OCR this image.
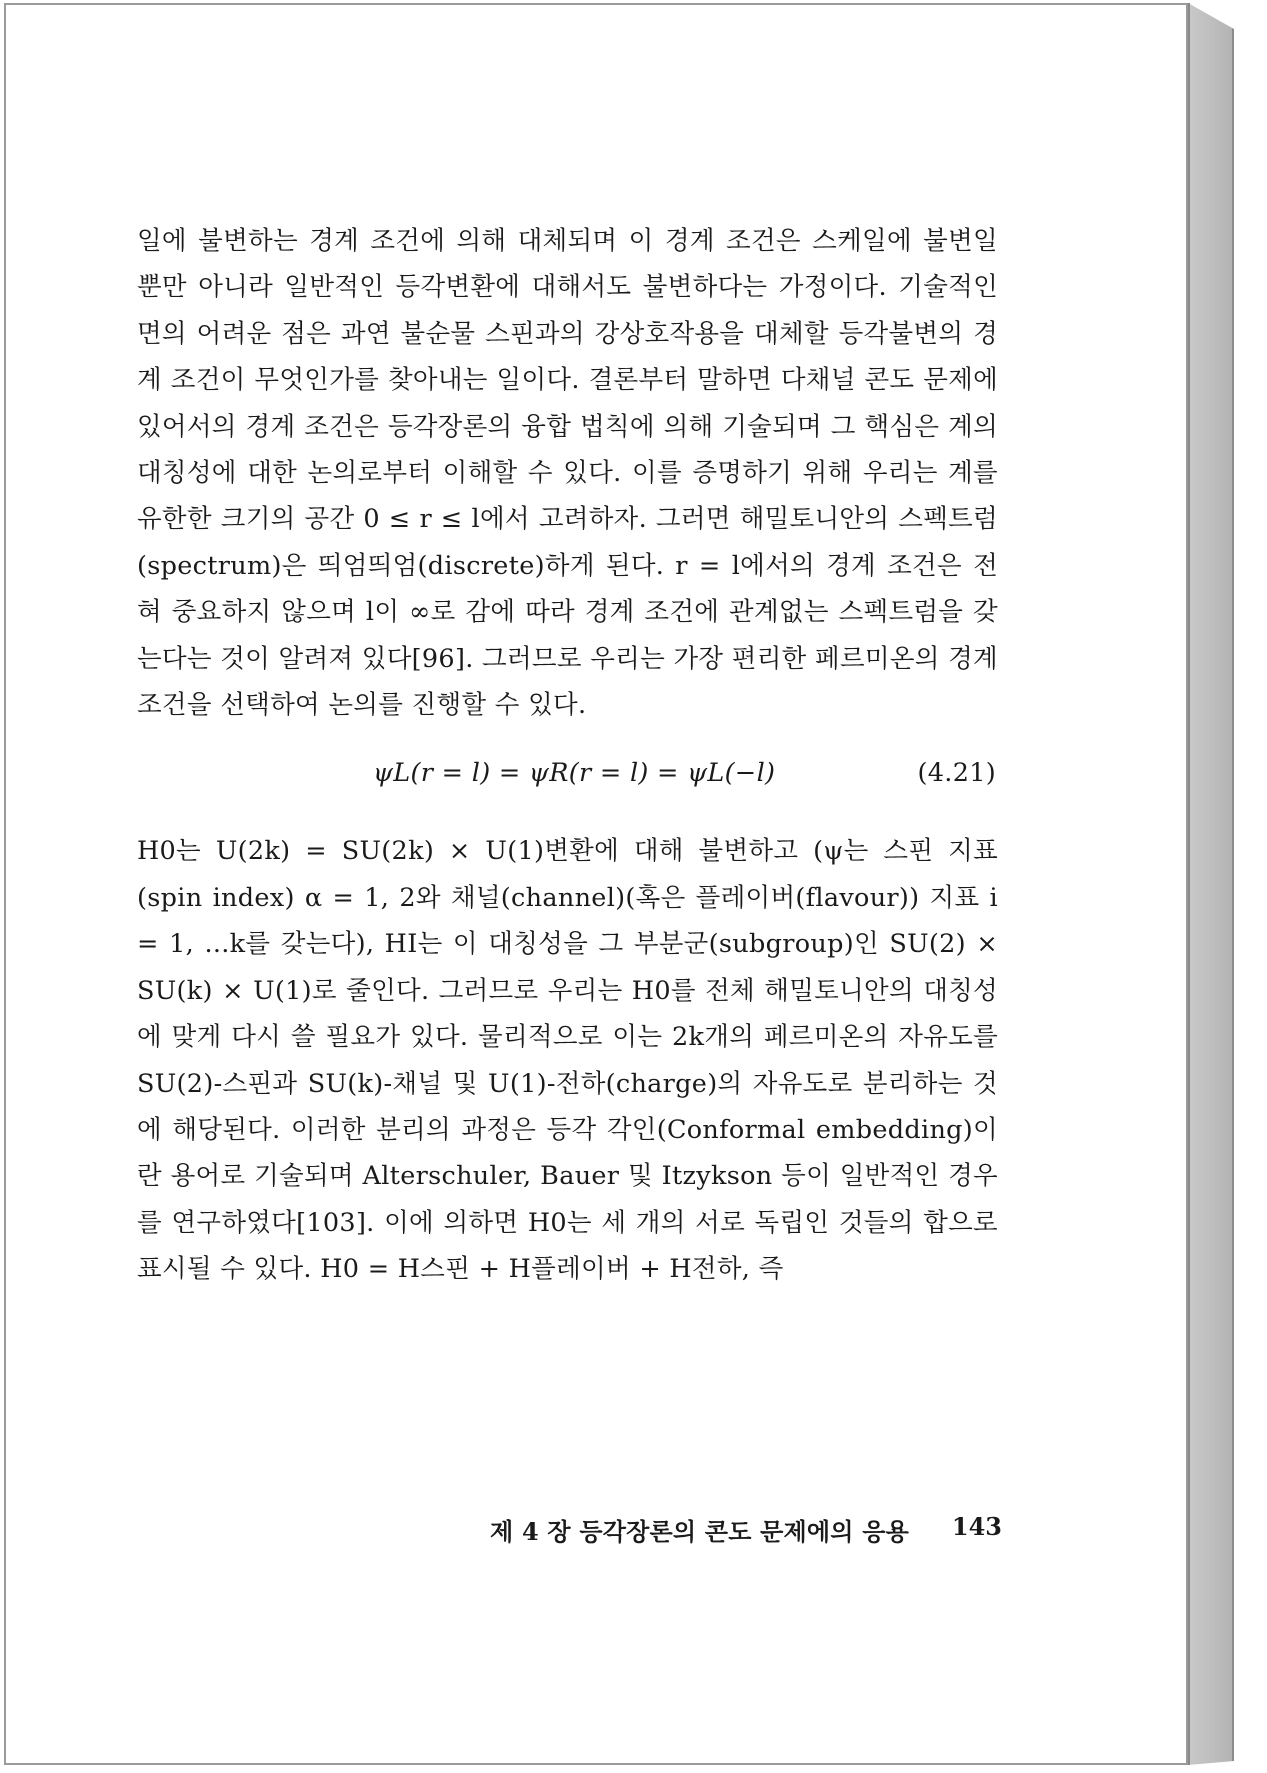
일에 불변하는 경계 조건에 의해 대체되며 이 경계 조건은 스케일에 불변일 뿐만 아니라 일반적인 등각변환에 대해서도 불변하다는 가정이다. 기술적인 면의 어려운 점은 과연 불순물 스핀과의 강상호작용을 대체할 등각불변의 경계 조건이 무엇인가를 찾아내는 일이다. 결론부터 말하면 다채널 콘도 문제에 있어서의 경계 조건은 등각장론의 융합 법칙에 의해 기술되며 그 핵심은 계의 대칭성에 대한 논의로부터 이해할 수 있다. 이를 증명하기 위해 우리는 계를 유한한 크기의 공간 0 ≤ r ≤ l에서 고려하자. 그러면 해밀토니안의 스펙트럼(spectrum)은 띄엄띄엄(discrete)하게 된다. r = l에서의 경계 조건은 전혀 중요하지 않으며 l이 ∞로 감에 따라 경계 조건에 관계없는 스펙트럼을 갖는다는 것이 알려져 있다[96]. 그러므로 우리는 가장 편리한 페르미온의 경계 조건을 선택하여 논의를 진행할 수 있다.

ψL(r = l) = ψR(r = l) = ψL(−l)	(4.21)

H0는 U(2k) = SU(2k) × U(1)변환에 대해 불변하고 (ψ는 스핀 지표(spin index) α = 1, 2와 채널(channel)(혹은 플레이버(flavour)) 지표 i = 1, ...k를 갖는다), HI는 이 대칭성을 그 부분군(subgroup)인 SU(2) × SU(k) × U(1)로 줄인다. 그러므로 우리는 H0를 전체 해밀토니안의 대칭성에 맞게 다시 쓸 필요가 있다. 물리적으로 이는 2k개의 페르미온의 자유도를 SU(2)-스핀과 SU(k)-채널 및 U(1)-전하(charge)의 자유도로 분리하는 것에 해당된다. 이러한 분리의 과정은 등각 각인(Conformal embedding)이란 용어로 기술되며 Alterschuler, Bauer 및 Itzykson 등이 일반적인 경우를 연구하였다[103]. 이에 의하면 H0는 세 개의 서로 독립인 것들의 합으로 표시될 수 있다. H0 = H스핀 + H플레이버 + H전하, 즉

제 4 장 등각장론의 콘도 문제에의 응용 143
